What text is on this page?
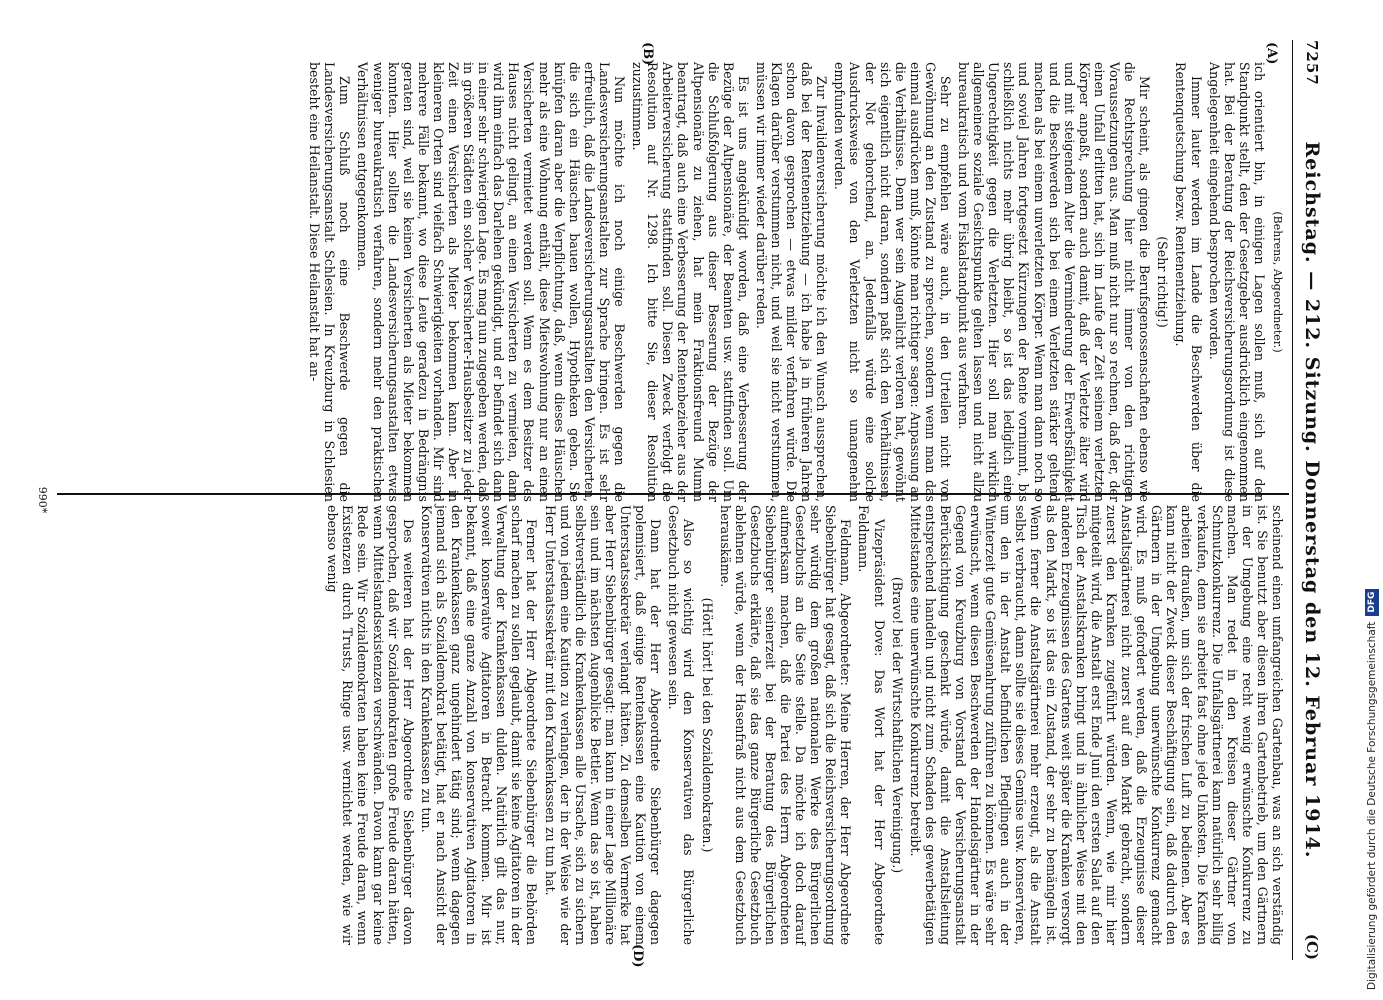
7257
Reichstag. — 212. Sitzung. Donnerstag den 12. Februar 1914.
(C)
(A)
(B)
(D)

(Behrens, Abgeordneter.)

ich orientiert bin, in einigen Lagen sollen muß, sich auf den Standpunkt stellt, den der Gesetzgeber ausdrücklich eingenommen hat. Bei der Beratung der Reichsversicherungsordnung ist diese Angelegenheit eingehend besprochen worden.

Immer lauter werden im Lande die Beschwerden über die Rentenquetschung bezw. Rentenentziehung.

(Sehr richtig!)

Mir scheint, als gingen die Berufsgenossenschaften ebenso wie die Rechtsprechung hier nicht immer von den richtigen Voraussetzungen aus. Man muß nicht nur so rechnen, daß der, der einen Unfall erlitten hat, sich im Laufe der Zeit seinem verletzten Körper anpaßt, sondern auch damit, daß der Verletzte älter wird und mit steigendem Alter die Verminderung der Erwerbsfähigkeit und die Beschwerden sich bei einem Verletzten stärker geltend machen als bei einem unverletzten Körper. Wenn man dann noch so und soviel Jahren fortgesetzt Kürzungen der Rente vornimmt, bis schließlich nichts mehr übrig bleibt, so ist das lediglich eine Ungerechtigkeit gegen die Verletzten. Hier soll man wirklich allgemeinere soziale Gesichtspunkte gelten lassen und nicht allzu bureaukratisch und vom Fiskalstandpunkt aus verfahren.

Sehr zu empfehlen wäre auch, in den Urteilen nicht von Gewöhnung an den Zustand zu sprechen, sondern wenn man das einmal ausdrücken muß, könnte man richtiger sagen: Anpassung an die Verhältnisse. Denn wer sein Augenlicht verloren hat, gewöhnt sich eigentlich nicht daran, sondern paßt sich den Verhältnissen, der Not gehorchend, an. Jedenfalls würde eine solche Ausdrucksweise von den Verletzten nicht so unangenehm empfunden werden.

Zur Invalidenversicherung möchte ich den Wunsch aussprechen, daß bei der Rentenentziehung — ich habe ja in früheren Jahren schon davon gesprochen — etwas milder verfahren würde. Die Klagen darüber verstummen nicht, und weil sie nicht verstummen, müssen wir immer wieder darüber reden.

Es ist uns angekündigt worden, daß eine Verbesserung der Bezüge der Altpensionäre, der Beamten usw. stattfinden soll. Um die Schlußfolgerung aus dieser Besserung der Bezüge der Altpensionäre zu ziehen, hat mein Fraktionsfreund Mumm beantragt, daß auch eine Verbesserung der Rentenbezieher aus der Arbeiterversicherung stattfinden soll. Diesen Zweck verfolgt die Resolution auf Nr. 1298. Ich bitte Sie, dieser Resolution zuzustimmen.

Nun möchte ich noch einige Beschwerden gegen die Landesversicherungsanstalten zur Sprache bringen. Es ist sehr erfreulich, daß die Landesversicherungsanstalten den Versicherten, die sich ein Häuschen bauen wollen, Hypotheken geben. Sie knüpfen daran aber die Verpflichtung, daß, wenn dieses Häuschen mehr als eine Wohnung enthält, diese Mietswohnung nur an einen Versicherten vermietet werden soll. Wenn es dem Besitzer des Hauses nicht gelingt, an einen Versicherten zu vermieten, dann wird ihm einfach das Darlehen gekündigt, und er befindet sich dann in einer sehr schwierigen Lage. Es mag nun zugegeben werden, daß in größeren Städten ein solcher Versicherter-Hausbesitzer zu jeder Zeit einen Versicherten als Mieter bekommen kann. Aber in kleineren Orten sind vielfach Schwierigkeiten vorhanden. Mir sind mehrere Fälle bekannt, wo diese Leute geradezu in Bedrängnis geraten sind, weil sie keinen Versicherten als Mieter bekommen konnten. Hier sollten die Landesversicherungsanstalten etwas weniger bureaukratisch verfahren, sondern mehr den praktischen Verhältnissen entgegenkommen.

Zum Schluß noch eine Beschwerde gegen die Landesversicherungsanstalt Schlesien. In Kreuzburg in Schlesien besteht eine Heilanstalt. Diese Heilanstalt hat an-

scheinend einen umfangreichen Gartenbau, was an sich verständig ist. Sie benutzt aber diesen ihren Gartenbetrieb, um den Gärtnern in der Umgebung eine recht wenig erwünschte Konkurrenz zu machen. Man redet in den Kreisen dieser Gärtner von Schmutzkonkurrenz. Die Unfallsgärtnerei kann natürlich sehr billig verkaufen, denn sie arbeitet fast ohne jede Unkosten. Die Kranken arbeiten draußen, um sich der frischen Luft zu bedienen. Aber es kann nicht der Zweck dieser Beschäftigung sein, daß dadurch den Gärtnern in der Umgebung unerwünschte Konkurrenz gemacht wird. Es muß gefordert werden, daß die Erzeugnisse dieser Anstaltsgärtnerei nicht zuerst auf den Markt gebracht, sondern zuerst den Kranken zugeführt würden. Wenn, wie mir hier mitgeteilt wird, die Anstalt erst Ende Juni den ersten Salat auf den Tisch der Anstaltskranken bringt und in ähnlicher Weise mit den anderen Erzeugnissen des Gartens weit später die Kranken versorgt als den Markt, so ist das ein Zustand, der sehr zu bemängeln ist. Wenn ferner die Anstaltsgärtnerei mehr erzeugt, als die Anstalt selbst verbraucht, dann sollte sie dieses Gemüse usw. konservieren, um den in der Anstalt befindlichen Pfleglingen auch in der Winterzeit gute Gemüsenahrung zuführen zu können. Es wäre sehr erwünscht, wenn diesen Beschwerden der Handelsgärtner in der Gegend von Kreuzburg von Vorstand der Versicherungsanstalt Berücksichtigung geschenkt würde, damit die Anstaltsleitung entsprechend handeln und nicht zum Schaden des gewerbetätigen Mittelstandes eine unerwünschte Konkurrenz betreibt.

(Bravo! bei der Wirtschaftlichen Vereinigung.)

Vizepräsident Dove: Das Wort hat der Herr Abgeordnete Feldmann.

Feldmann, Abgeordneter: Meine Herren, der Herr Abgeordnete Siebenbürger hat gesagt, daß sich die Reichsversicherungsordnung sehr würdig dem großen nationalen Werke des Bürgerlichen Gesetzbuchs an die Seite stelle. Da möchte ich doch darauf aufmerksam machen, daß die Partei des Herrn Abgeordneten Siebenbürger seinerzeit bei der Beratung des Bürgerlichen Gesetzbuchs erklärte, daß sie das ganze Bürgerliche Gesetzbuch ablehnen würde, wenn der Hasenfraß nicht aus dem Gesetzbuch herauskäme.

(Hört! hört! bei den Sozialdemokraten.)

Also so wichtig wird den Konservativen das Bürgerliche Gesetzbuch nicht gewesen sein.

Dann hat der Herr Abgeordnete Siebenbürger dagegen polemisiert, daß einige Rentenkassen eine Kaution von einem Unterstaatssekretär verlangt hätten. Zu demselben Vermerke hat aber Herr Siebenbürger gesagt: man kann in einer Lage Millionäre sein und im nächsten Augenblicke Bettler. Wenn das so ist, haben selbstverständlich die Krankenkassen alle Ursache, sich zu sichern und von jedem eine Kaution zu verlangen, der in der Weise wie der Herr Unterstaatssekretär mit den Krankenkassen zu tun hat.

Ferner hat der Herr Abgeordnete Siebenbürger die Behörden scharf machen zu sollen geglaubt, damit sie keine Agitatoren in der Verwaltung der Krankenkassen dulden. Natürlich gilt das nur, soweit konservative Agitatoren in Betracht kommen. Mir ist bekannt, daß eine ganze Anzahl von konservativen Agitatoren in den Krankenkassen ganz ungehindert tätig sind; wenn dagegen jemand sich als Sozialdemokrat betätigt, hat er nach Ansicht der Konservativen nichts in den Krankenkassen zu tun.

Des weiteren hat der Herr Abgeordnete Siebenbürger davon gesprochen, daß wir Sozialdemokraten große Freude daran hätten, wenn Mittelstandsexistenzen verschwänden. Davon kann gar keine Rede sein. Wir Sozialdemokraten haben keine Freude daran, wenn Existenzen durch Trusts, Ringe usw. vernichtet werden, wie wir ebenso wenig

990*
Digitalisierung gefördert durch die Deutsche ForschungsgemeinschaftDFG
